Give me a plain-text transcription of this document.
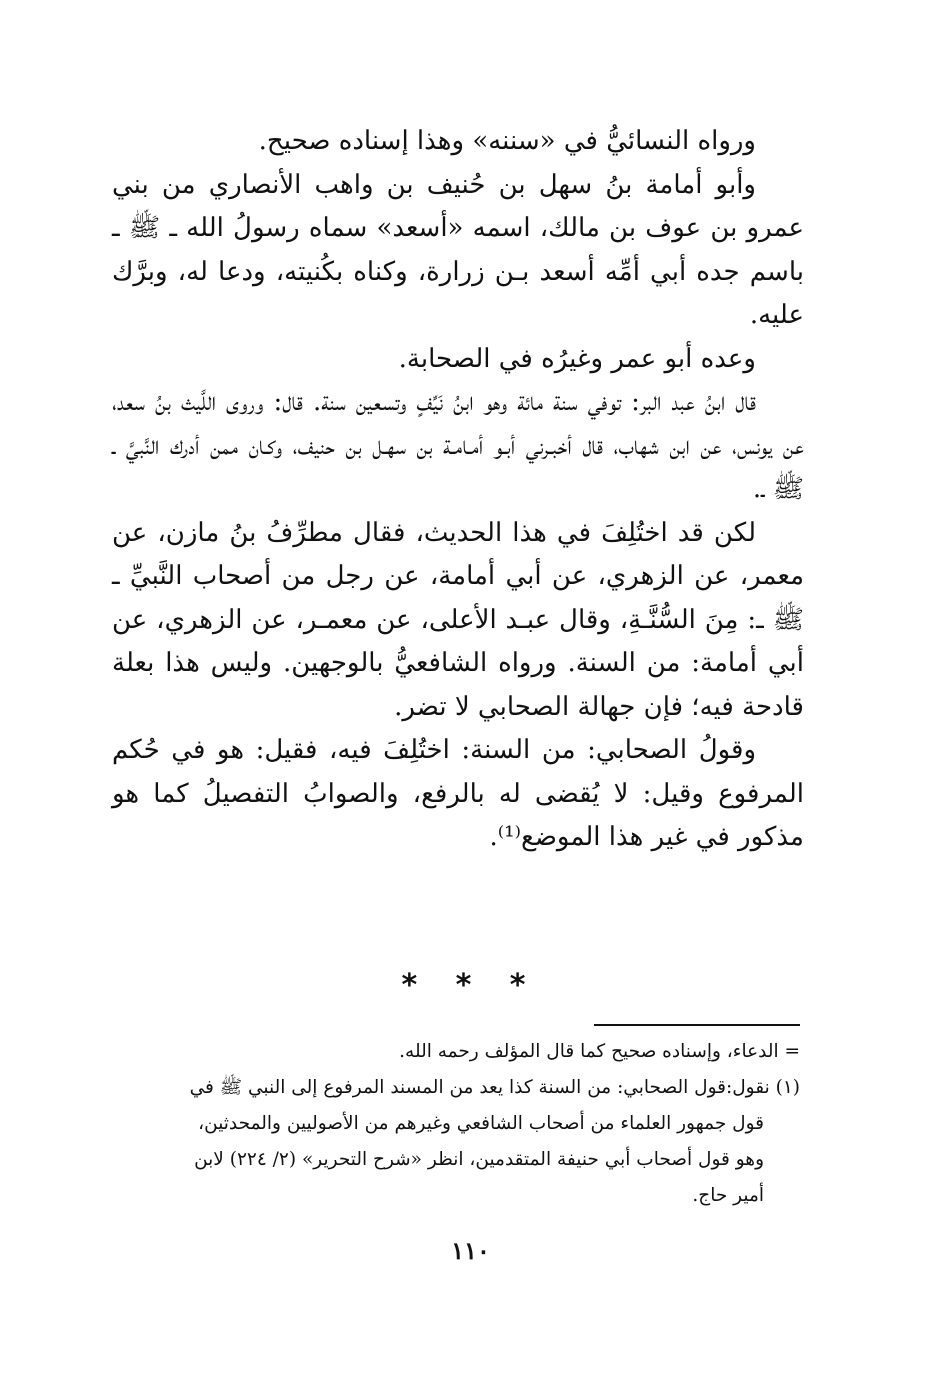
ورواه النسائيُّ في «سننه» وهذا إسناده صحيح.

وأبو أمامة بنُ سهل بن حُنيف بن واهب الأنصاري من بني عمرو بن عوف بن مالك، اسمه «أسعد» سماه رسولُ الله ـ ﷺ ـ باسم جده أبي أمِّه أسعد بـن زرارة، وكناه بكُنيته، ودعا له، وبرَّك عليه.

وعده أبو عمر وغيرُه في الصحابة.

قال ابنُ عبد البر: توفي سنة مائة وهو ابنُ نَيِّفٍ وتسعين سنة. قال: وروى اللَّيث بنُ سعد، عن يونس، عن ابن شهاب، قال أخبـرني أبـو أمـامـة بن سهـل بن حنيف، وكـان ممن أدرك النَّبيَّ ـ ﷺ ـ.

لكن قد اختُلِفَ في هذا الحديث، فقال مطرِّفُ بنُ مازن، عن معمر، عن الزهري، عن أبي أمامة، عن رجل من أصحاب النَّبيِّ ـ ﷺ ـ: مِنَ السُّنَّـةِ، وقال عبـد الأعلى، عن معمـر، عن الزهري، عن أبي أمامة: من السنة. ورواه الشافعيُّ بالوجهين. وليس هذا بعلة قادحة فيه؛ فإن جهالة الصحابي لا تضر.

وقولُ الصحابي: من السنة: اختُلِفَ فيه، فقيل: هو في حُكم المرفوع وقيل: لا يُقضى له بالرفع، والصوابُ التفصيلُ كما هو مذكور في غير هذا الموضع⁽¹⁾.

* * *

= الدعاء، وإسناده صحيح كما قال المؤلف رحمه الله.

(١) نقول:قول الصحابي: من السنة كذا يعد من المسند المرفوع إلى النبي ﷺ في

قول جمهور العلماء من أصحاب الشافعي وغيرهم من الأصوليين والمحدثين،

وهو قول أصحاب أبي حنيفة المتقدمين، انظر «شرح التحرير» (٢/ ٢٢٤) لابن

أمير حاج.

١١٠
